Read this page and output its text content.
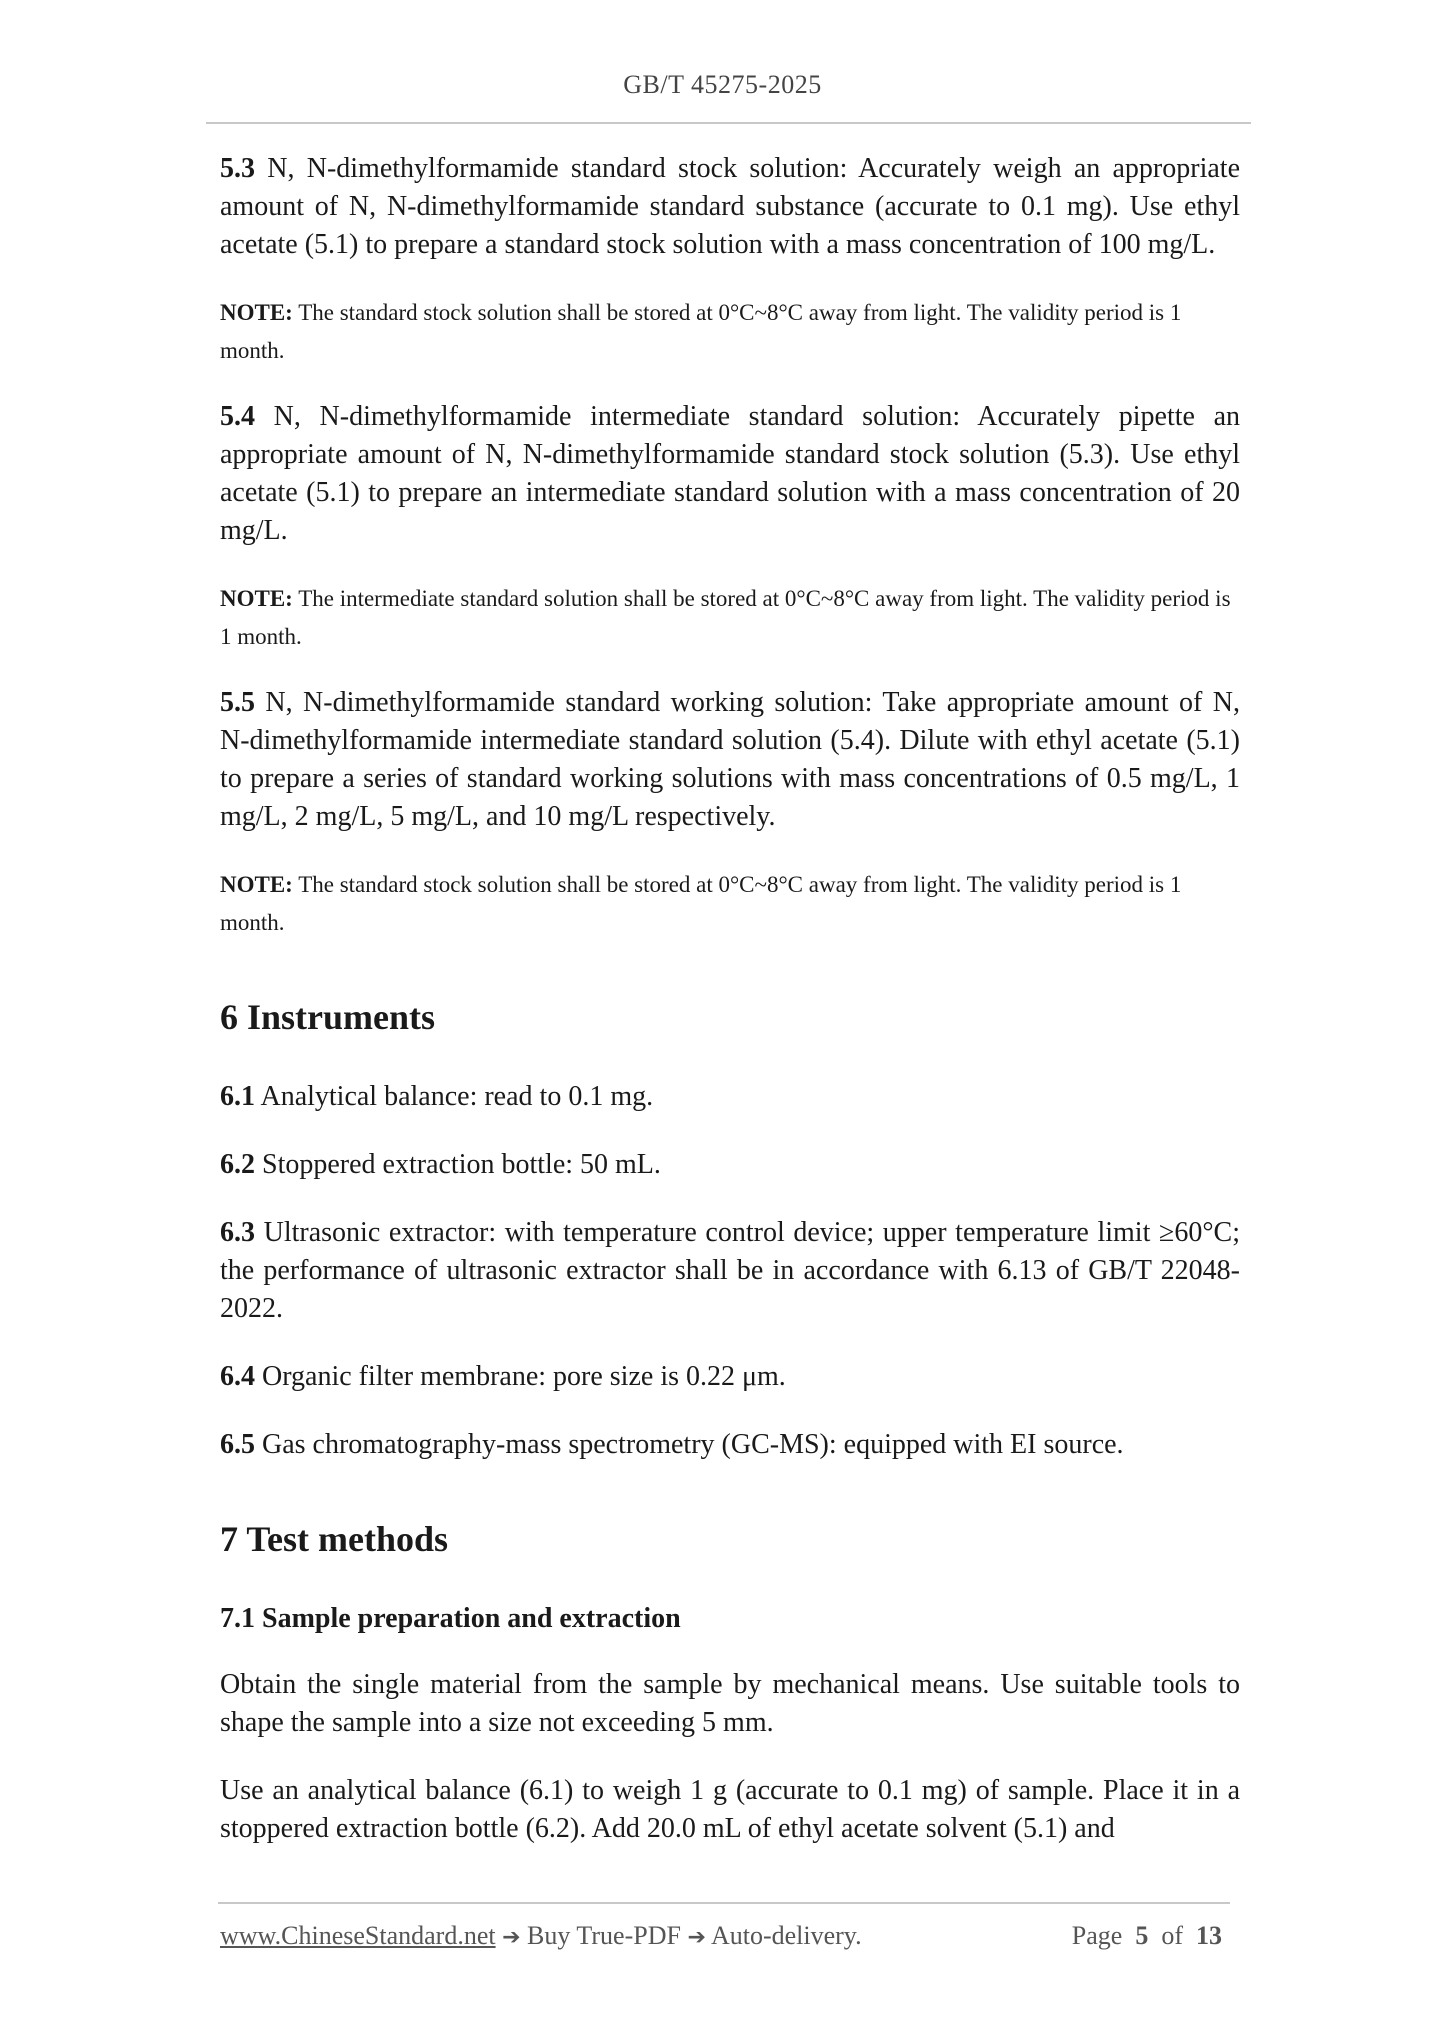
GB/T 45275-2025

5.3 N, N-dimethylformamide standard stock solution: Accurately weigh an appropriate amount of N, N-dimethylformamide standard substance (accurate to 0.1 mg). Use ethyl acetate (5.1) to prepare a standard stock solution with a mass concentration of 100 mg/L.

NOTE: The standard stock solution shall be stored at 0°C~8°C away from light. The validity period is 1 month.

5.4 N, N-dimethylformamide intermediate standard solution: Accurately pipette an appropriate amount of N, N-dimethylformamide standard stock solution (5.3). Use ethyl acetate (5.1) to prepare an intermediate standard solution with a mass concentration of 20 mg/L.

NOTE: The intermediate standard solution shall be stored at 0°C~8°C away from light. The validity period is 1 month.

5.5 N, N-dimethylformamide standard working solution: Take appropriate amount of N, N-dimethylformamide intermediate standard solution (5.4). Dilute with ethyl acetate (5.1) to prepare a series of standard working solutions with mass concentrations of 0.5 mg/L, 1 mg/L, 2 mg/L, 5 mg/L, and 10 mg/L respectively.

NOTE: The standard stock solution shall be stored at 0°C~8°C away from light. The validity period is 1 month.

6 Instruments

6.1 Analytical balance: read to 0.1 mg.

6.2 Stoppered extraction bottle: 50 mL.

6.3 Ultrasonic extractor: with temperature control device; upper temperature limit ≥60°C; the performance of ultrasonic extractor shall be in accordance with 6.13 of GB/T 22048-2022.

6.4 Organic filter membrane: pore size is 0.22 μm.

6.5 Gas chromatography-mass spectrometry (GC-MS): equipped with EI source.

7 Test methods
7.1 Sample preparation and extraction

Obtain the single material from the sample by mechanical means. Use suitable tools to shape the sample into a size not exceeding 5 mm.

Use an analytical balance (6.1) to weigh 1 g (accurate to 0.1 mg) of sample. Place it in a stoppered extraction bottle (6.2). Add 20.0 mL of ethyl acetate solvent (5.1) and

www.ChineseStandard.net ➔ Buy True-PDF ➔ Auto-delivery.	Page 5 of 13
